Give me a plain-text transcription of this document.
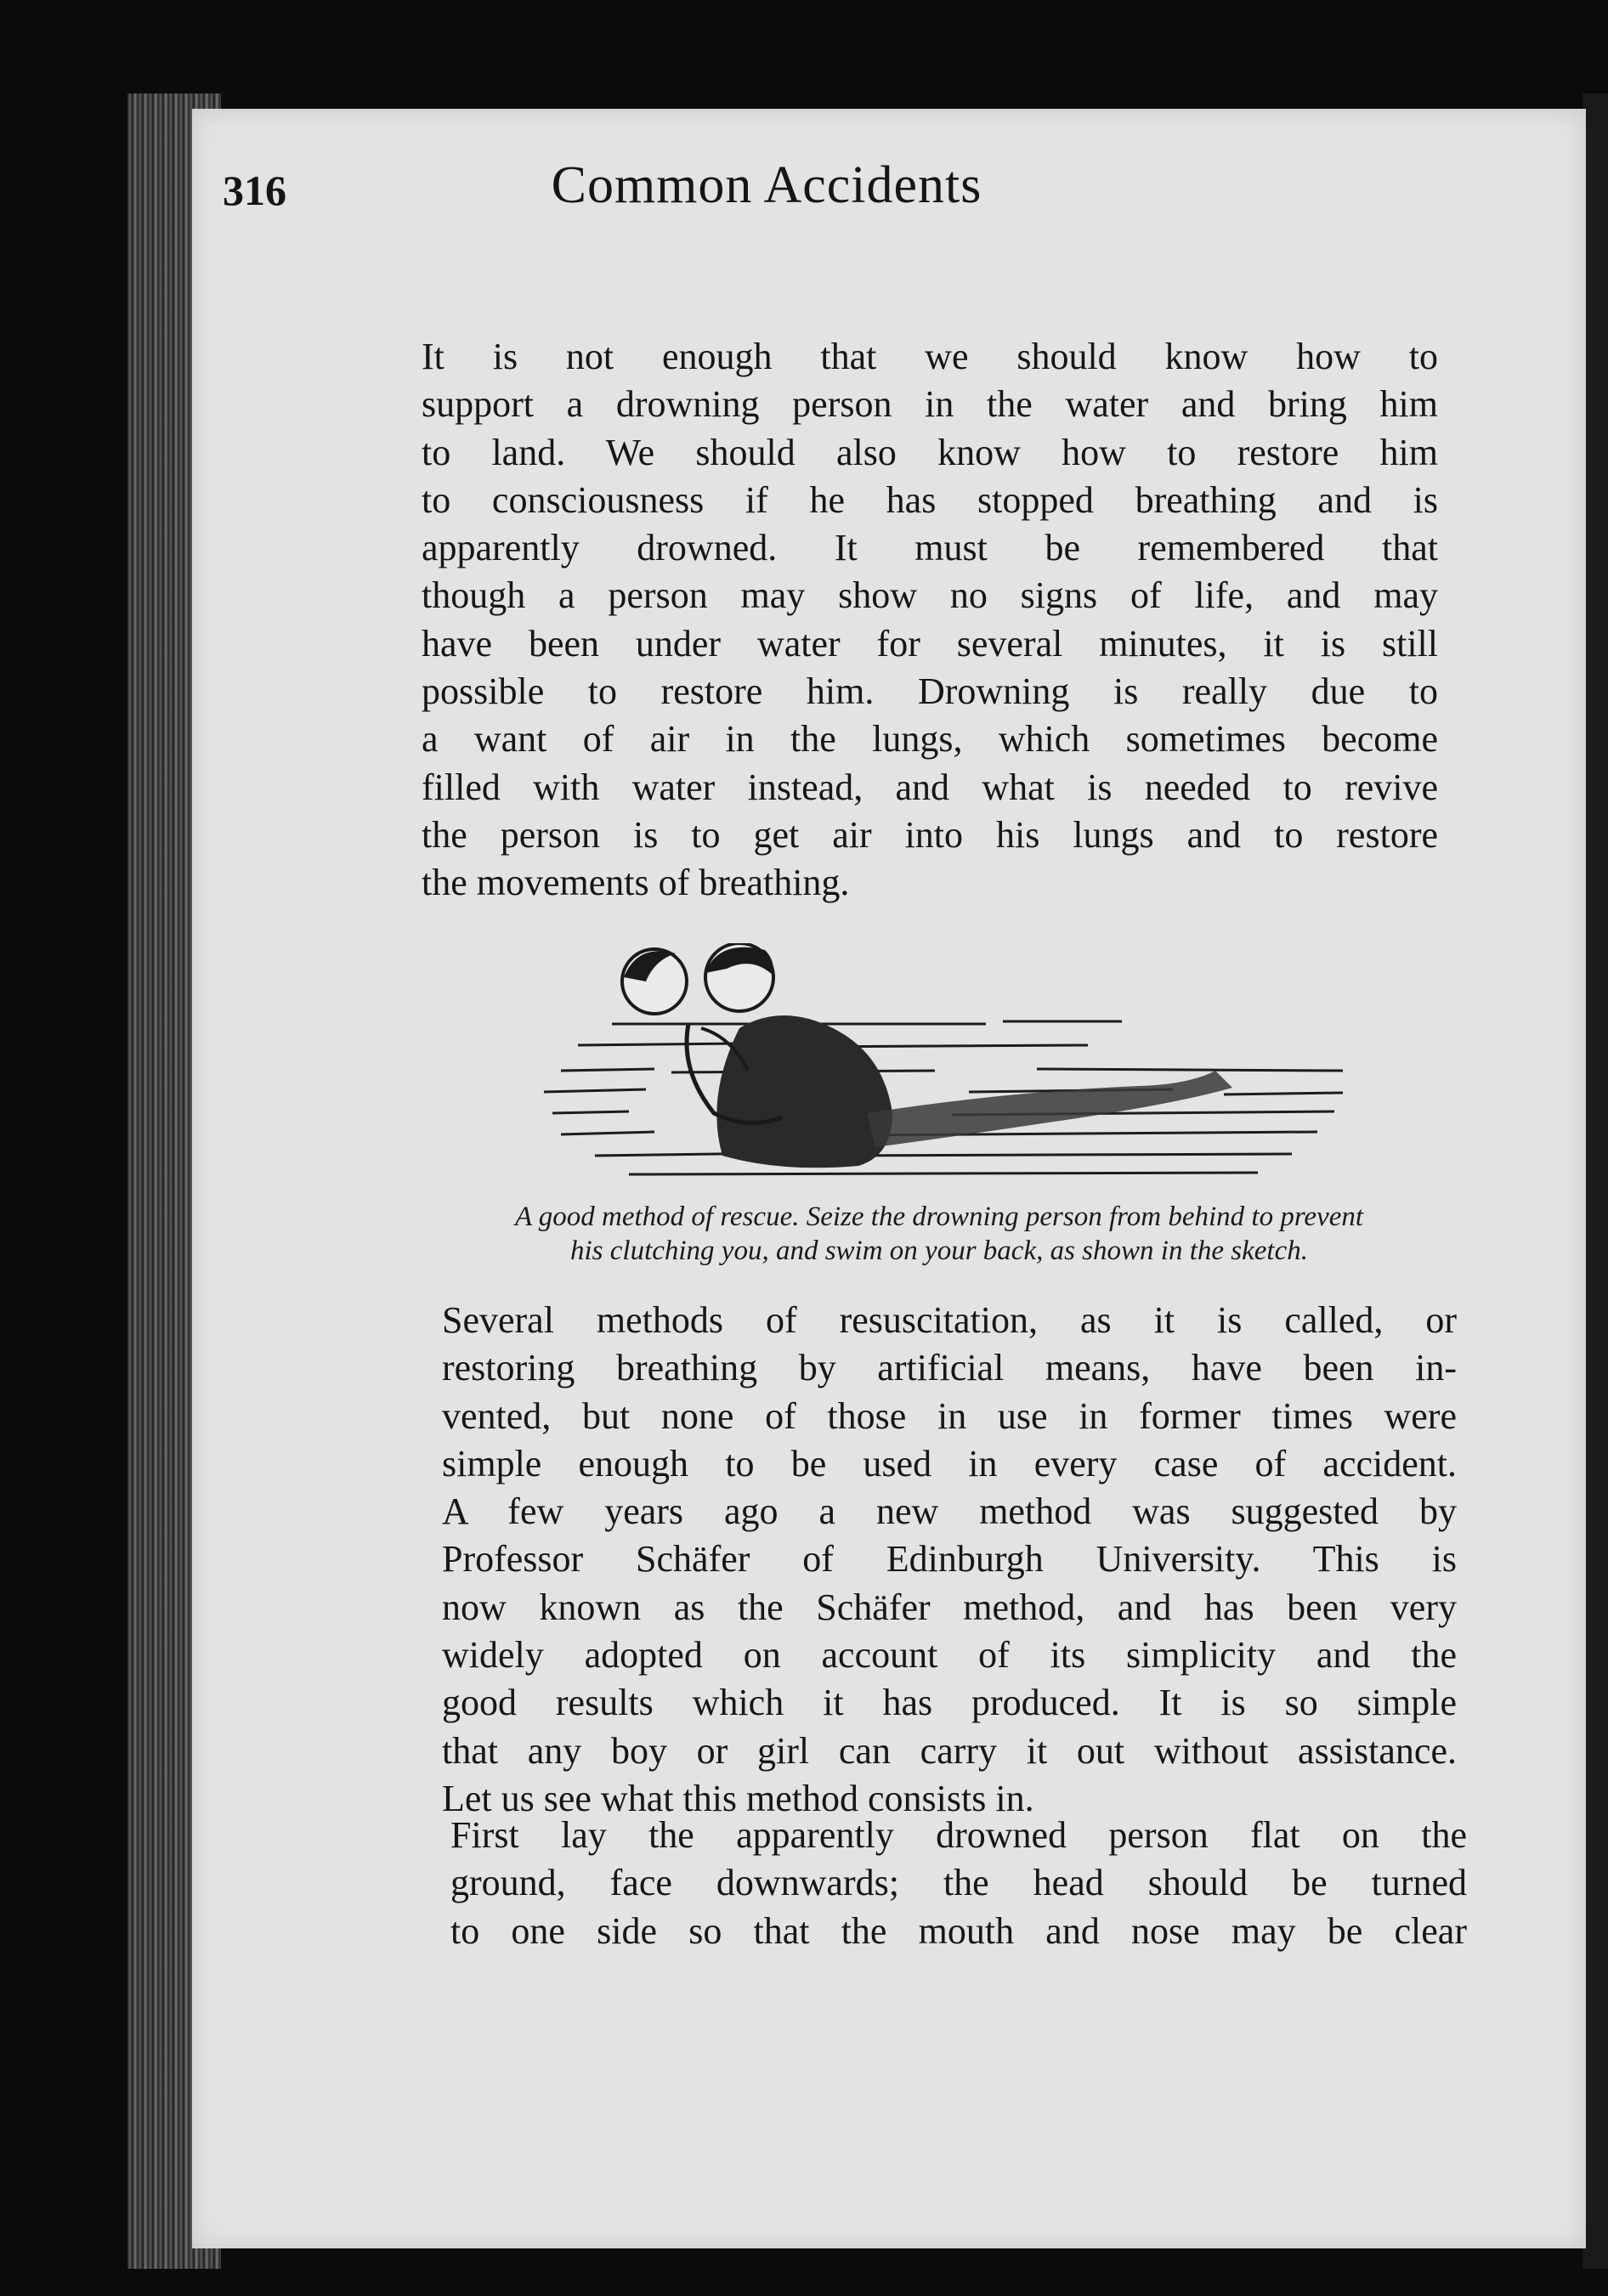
316	Common Accidents

It is not enough that we should know how to
support a drowning person in the water and bring him
to land. We should also know how to restore him
to consciousness if he has stopped breathing and is
apparently drowned. It must be remembered that
though a person may show no signs of life, and may
have been under water for several minutes, it is still
possible to restore him. Drowning is really due to
a want of air in the lungs, which sometimes become
filled with water instead, and what is needed to revive
the person is to get air into his lungs and to restore
the movements of breathing.

A good method of rescue. Seize the drowning person from behind to prevent
his clutching you, and swim on your back, as shown in the sketch.

Several methods of resuscitation, as it is called, or
restoring breathing by artificial means, have been in-
vented, but none of those in use in former times were
simple enough to be used in every case of accident.
A few years ago a new method was suggested by
Professor Schäfer of Edinburgh University. This is
now known as the Schäfer method, and has been very
widely adopted on account of its simplicity and the
good results which it has produced. It is so simple
that any boy or girl can carry it out without assistance.
Let us see what this method consists in.

First lay the apparently drowned person flat on the
ground, face downwards; the head should be turned
to one side so that the mouth and nose may be clear
